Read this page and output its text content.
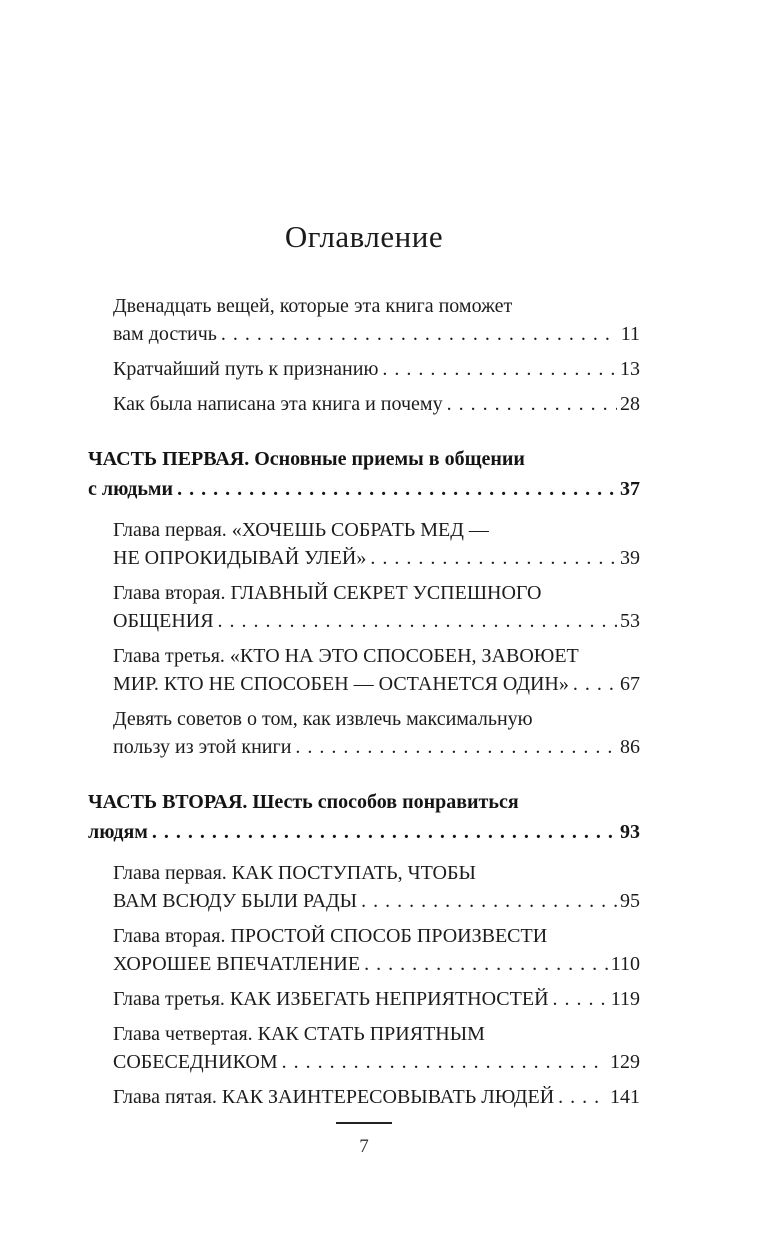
Оглавление
Двенадцать вещей, которые эта книга поможет
вам достичь . . .	11
Кратчайший путь к признанию . . .	13
Как была написана эта книга и почему . . .	28
ЧАСТЬ ПЕРВАЯ. Основные приемы в общении
с людьми . . .	37
Глава первая. «ХОЧЕШЬ СОБРАТЬ МЕД —
НЕ ОПРОКИДЫВАЙ УЛЕЙ» . . .	39
Глава вторая. ГЛАВНЫЙ СЕКРЕТ УСПЕШНОГО
ОБЩЕНИЯ . . .	53
Глава третья. «КТО НА ЭТО СПОСОБЕН, ЗАВОЮЕТ
МИР. КТО НЕ СПОСОБЕН — ОСТАНЕТСЯ ОДИН» . . .	67
Девять советов о том, как извлечь максимальную
пользу из этой книги . . .	86
ЧАСТЬ ВТОРАЯ. Шесть способов понравиться
людям . . .	93
Глава первая. КАК ПОСТУПАТЬ, ЧТОБЫ
ВАМ ВСЮДУ БЫЛИ РАДЫ . . .	95
Глава вторая. ПРОСТОЙ СПОСОБ ПРОИЗВЕСТИ
ХОРОШЕЕ ВПЕЧАТЛЕНИЕ . . .	110
Глава третья. КАК ИЗБЕГАТЬ НЕПРИЯТНОСТЕЙ . . .	119
Глава четвертая. КАК СТАТЬ ПРИЯТНЫМ
СОБЕСЕДНИКОМ . . .	129
Глава пятая. КАК ЗАИНТЕРЕСОВЫВАТЬ ЛЮДЕЙ . . .	141
7
